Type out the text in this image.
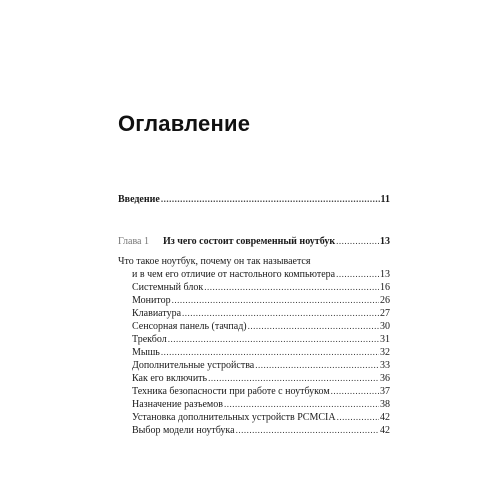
Оглавление
Введение .....	11
Глава 1 Из чего состоит современный ноутбук .....	13
Что такое ноутбук, почему он так называется
и в чем его отличие от настольного компьютера .....	13
Системный блок .....	16
Монитор .....	26
Клавиатура .....	27
Сенсорная панель (тачпад) .....	30
Трекбол .....	31
Мышь .....	32
Дополнительные устройства .....	33
Как его включить .....	36
Техника безопасности при работе с ноутбуком .....	37
Назначение разъемов .....	38
Установка дополнительных устройств PCMCIA .....	42
Выбор модели ноутбука .....	42
